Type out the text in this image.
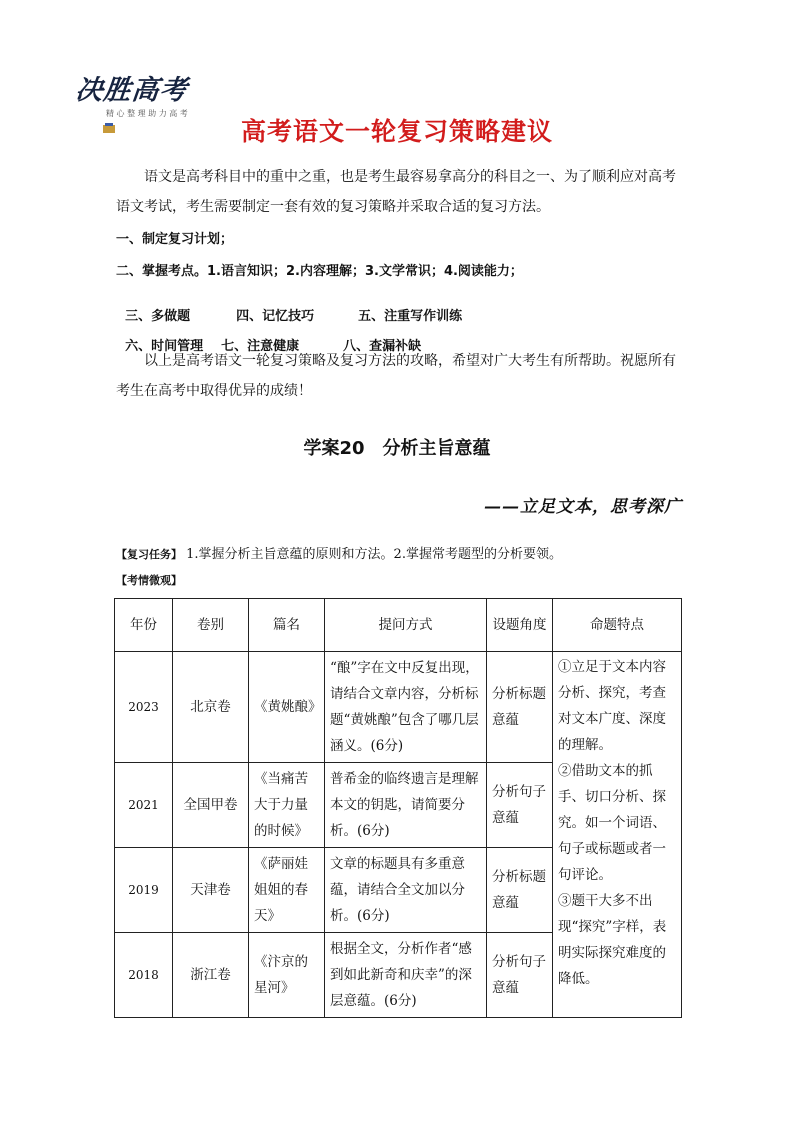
决胜高考
精 心 整 理 助 力 高 考
高考语文一轮复习策略建议
语文是高考科目中的重中之重，也是考生最容易拿高分的科目之一、为了顺利应对高考语文考试，考生需要制定一套有效的复习策略并采取合适的复习方法。
一、制定复习计划；
二、掌握考点。1.语言知识；2.内容理解；3.文学常识；4.阅读能力；

三、多做题	四、记忆技巧	五、注重写作训练

六、时间管理 七、注意健康	八、查漏补缺

以上是高考语文一轮复习策略及复习方法的攻略，希望对广大考生有所帮助。祝愿所有考生在高考中取得优异的成绩！
学案20　分析主旨意蕴
——立足文本，思考深广
【复习任务】 1.掌握分析主旨意蕴的原则和方法。2.掌握常考题型的分析要领。
【考情微观】
年份	卷别	篇名	提问方式	设题角度	命题特点
2023	北京卷	《黄姚酿》	“酿”字在文中反复出现，请结合文章内容，分析标题“黄姚酿”包含了哪几层涵义。(6分)	分析标题意蕴	①立足于文本内容分析、探究，考查对文本广度、深度的理解。

②借助文本的抓手、切口分析、探究。如一个词语、句子或标题或者一句评论。

③题干大多不出现“探究”字样，表明实际探究难度的降低。

2021	全国甲卷	《当痛苦大于力量的时候》	普希金的临终遗言是理解本文的钥匙，请简要分析。(6分)	分析句子意蕴	
2019	天津卷	《萨丽娃姐姐的春天》	文章的标题具有多重意蕴，请结合全文加以分析。(6分)	分析标题意蕴	
2018	浙江卷	《汴京的星河》	根据全文，分析作者“感到如此新奇和庆幸”的深层意蕴。(6分)	分析句子意蕴	
